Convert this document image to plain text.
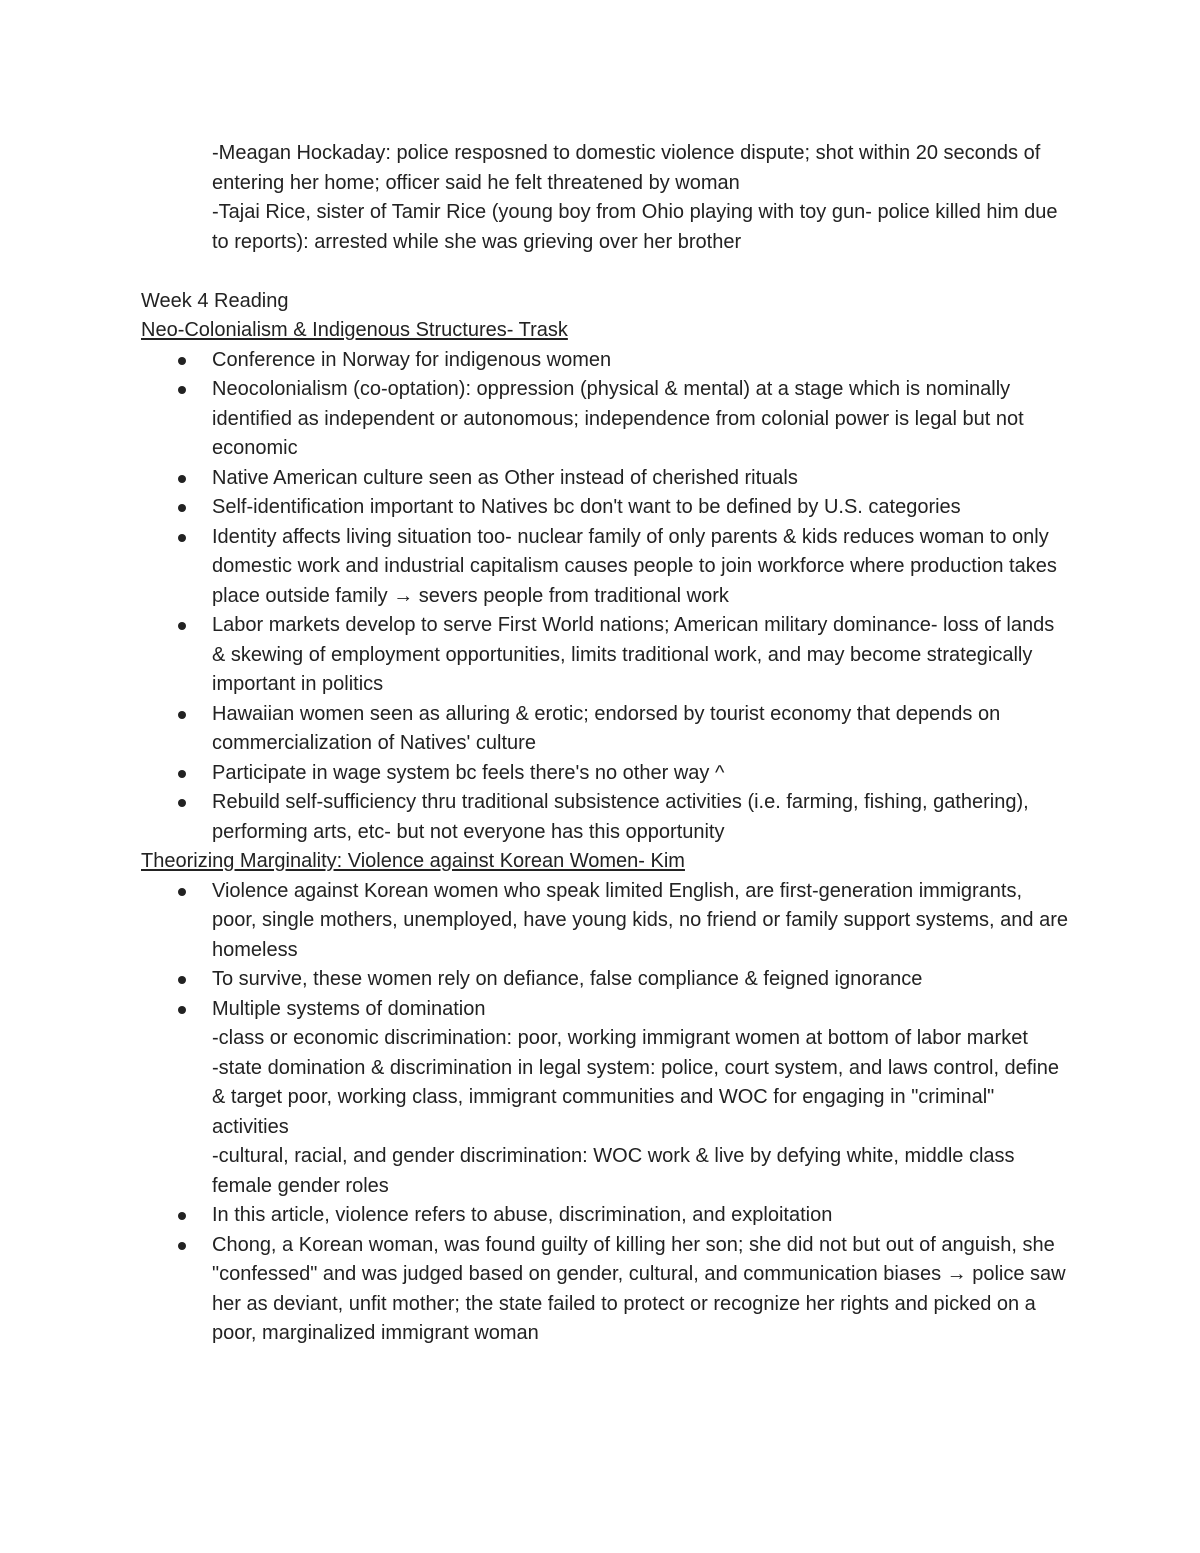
-Meagan Hockaday: police resposned to domestic violence dispute; shot within 20 seconds of entering her home; officer said he felt threatened by woman

-Tajai Rice, sister of Tamir Rice (young boy from Ohio playing with toy gun- police killed him due to reports): arrested while she was grieving over her brother

Week 4 Reading

Neo-Colonialism & Indigenous Structures- Trask

Conference in Norway for indigenous women
Neocolonialism (co-optation): oppression (physical & mental) at a stage which is nominally identified as independent or autonomous; independence from colonial power is legal but not economic
Native American culture seen as Other instead of cherished rituals
Self-identification important to Natives bc don't want to be defined by U.S. categories
Identity affects living situation too- nuclear family of only parents & kids reduces woman to only domestic work and industrial capitalism causes people to join workforce where production takes place outside family → severs people from traditional work
Labor markets develop to serve First World nations; American military dominance- loss of lands & skewing of employment opportunities, limits traditional work, and may become strategically important in politics
Hawaiian women seen as alluring & erotic; endorsed by tourist economy that depends on commercialization of Natives' culture
Participate in wage system bc feels there's no other way ^
Rebuild self-sufficiency thru traditional subsistence activities (i.e. farming, fishing, gathering), performing arts, etc- but not everyone has this opportunity

Theorizing Marginality: Violence against Korean Women- Kim

Violence against Korean women who speak limited English, are first-generation immigrants, poor, single mothers, unemployed, have young kids, no friend or family support systems, and are homeless
To survive, these women rely on defiance, false compliance & feigned ignorance
Multiple systems of domination
-class or economic discrimination: poor, working immigrant women at bottom of labor market
-state domination & discrimination in legal system: police, court system, and laws control, define & target poor, working class, immigrant communities and WOC for engaging in "criminal" activities
-cultural, racial, and gender discrimination: WOC work & live by defying white, middle class female gender roles
In this article, violence refers to abuse, discrimination, and exploitation
Chong, a Korean woman, was found guilty of killing her son; she did not but out of anguish, she "confessed" and was judged based on gender, cultural, and communication biases → police saw her as deviant, unfit mother; the state failed to protect or recognize her rights and picked on a poor, marginalized immigrant woman
